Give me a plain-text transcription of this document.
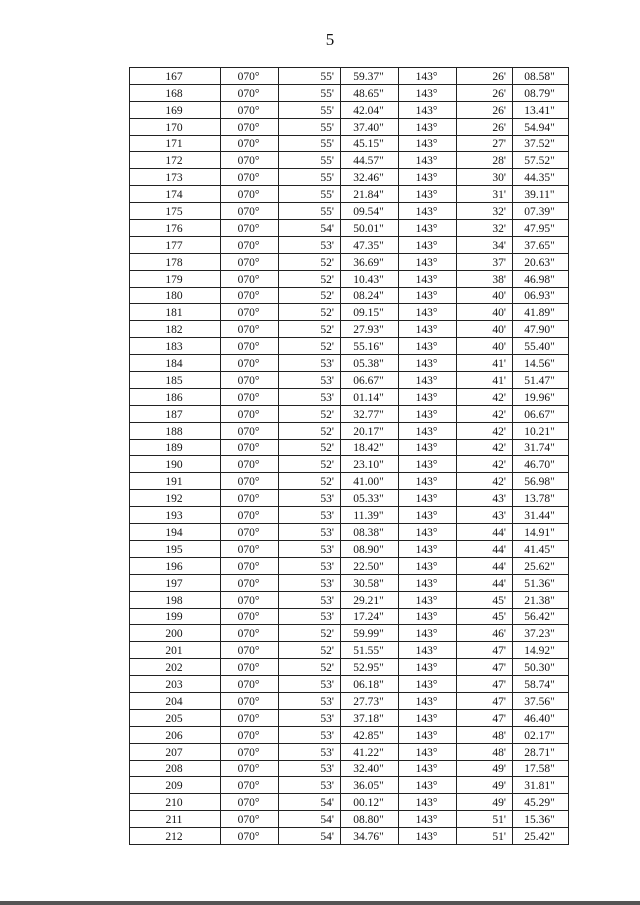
5
167	070°	55'	59.37"	143°	26'	08.58"
168	070°	55'	48.65"	143°	26'	08.79"
169	070°	55'	42.04"	143°	26'	13.41"
170	070°	55'	37.40"	143°	26'	54.94"
171	070°	55'	45.15"	143°	27'	37.52"
172	070°	55'	44.57"	143°	28'	57.52"
173	070°	55'	32.46"	143°	30'	44.35"
174	070°	55'	21.84"	143°	31'	39.11"
175	070°	55'	09.54"	143°	32'	07.39"
176	070°	54'	50.01"	143°	32'	47.95"
177	070°	53'	47.35"	143°	34'	37.65"
178	070°	52'	36.69"	143°	37'	20.63"
179	070°	52'	10.43"	143°	38'	46.98"
180	070°	52'	08.24"	143°	40'	06.93"
181	070°	52'	09.15"	143°	40'	41.89"
182	070°	52'	27.93"	143°	40'	47.90"
183	070°	52'	55.16"	143°	40'	55.40"
184	070°	53'	05.38"	143°	41'	14.56"
185	070°	53'	06.67"	143°	41'	51.47"
186	070°	53'	01.14"	143°	42'	19.96"
187	070°	52'	32.77"	143°	42'	06.67"
188	070°	52'	20.17"	143°	42'	10.21"
189	070°	52'	18.42"	143°	42'	31.74"
190	070°	52'	23.10"	143°	42'	46.70"
191	070°	52'	41.00"	143°	42'	56.98"
192	070°	53'	05.33"	143°	43'	13.78"
193	070°	53'	11.39"	143°	43'	31.44"
194	070°	53'	08.38"	143°	44'	14.91"
195	070°	53'	08.90"	143°	44'	41.45"
196	070°	53'	22.50"	143°	44'	25.62"
197	070°	53'	30.58"	143°	44'	51.36"
198	070°	53'	29.21"	143°	45'	21.38"
199	070°	53'	17.24"	143°	45'	56.42"
200	070°	52'	59.99"	143°	46'	37.23"
201	070°	52'	51.55"	143°	47'	14.92"
202	070°	52'	52.95"	143°	47'	50.30"
203	070°	53'	06.18"	143°	47'	58.74"
204	070°	53'	27.73"	143°	47'	37.56"
205	070°	53'	37.18"	143°	47'	46.40"
206	070°	53'	42.85"	143°	48'	02.17"
207	070°	53'	41.22"	143°	48'	28.71"
208	070°	53'	32.40"	143°	49'	17.58"
209	070°	53'	36.05"	143°	49'	31.81"
210	070°	54'	00.12"	143°	49'	45.29"
211	070°	54'	08.80"	143°	51'	15.36"
212	070°	54'	34.76"	143°	51'	25.42"
